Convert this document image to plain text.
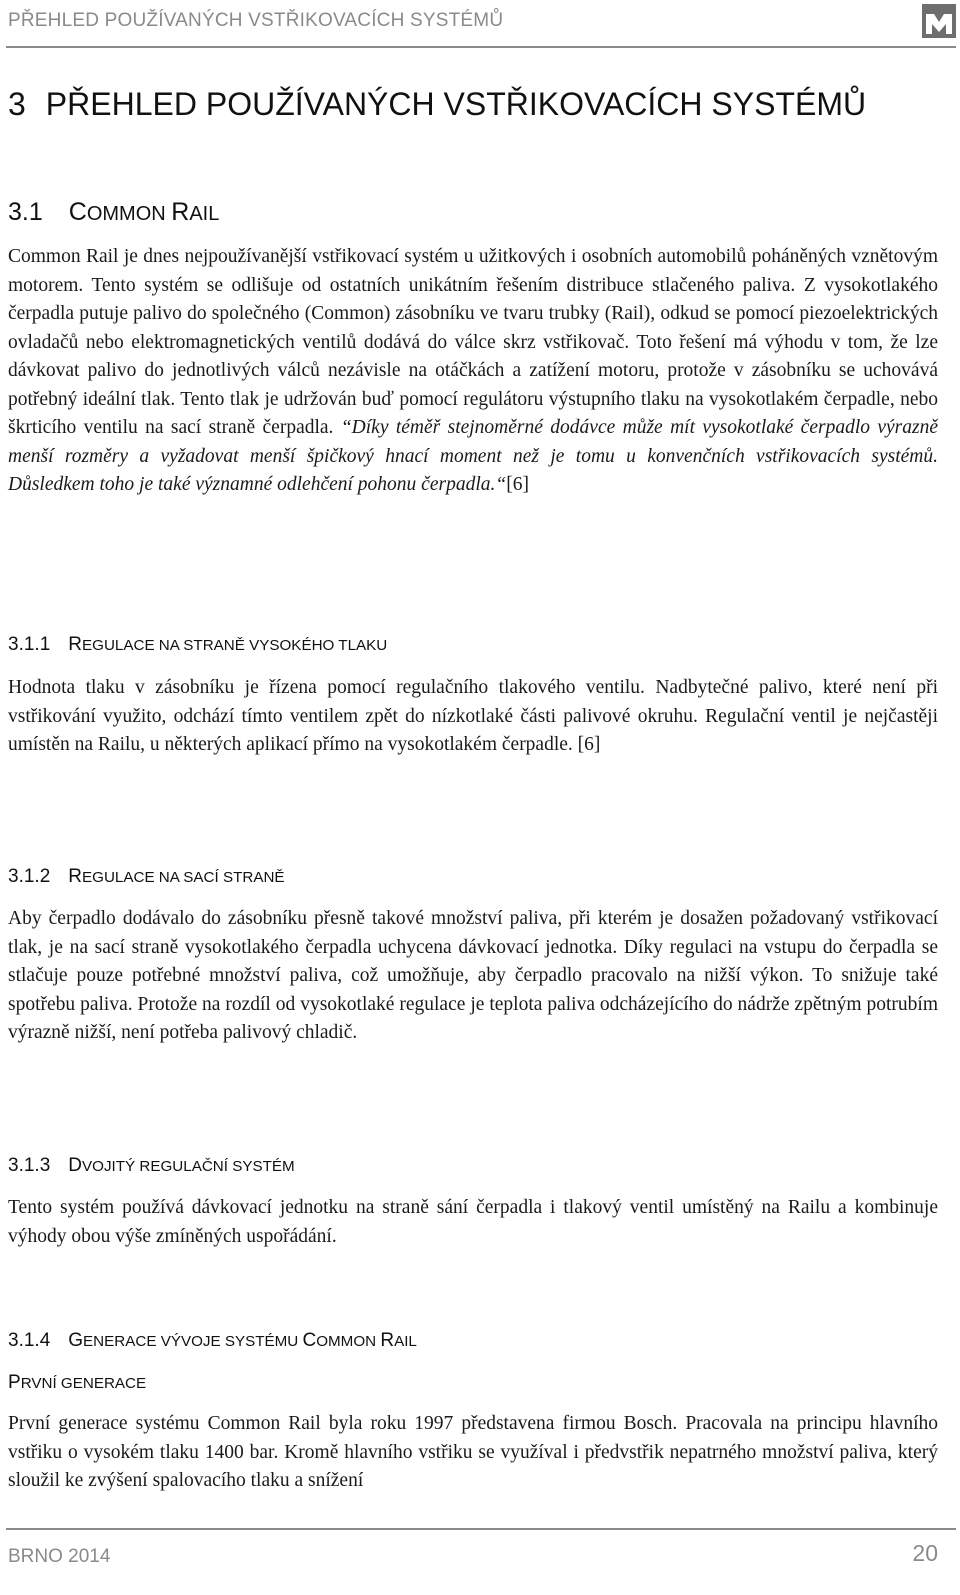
PŘEHLED POUŽÍVANÝCH VSTŘIKOVACÍCH SYSTÉMŮ
3 PŘEHLED POUŽÍVANÝCH VSTŘIKOVACÍCH SYSTÉMŮ
3.1 COMMON RAIL

Common Rail je dnes nejpoužívanější vstřikovací systém u užitkových i osobních automobilů poháněných vznětovým motorem. Tento systém se odlišuje od ostatních unikátním řešením distribuce stlačeného paliva. Z vysokotlakého čerpadla putuje palivo do společného (Common) zásobníku ve tvaru trubky (Rail), odkud se pomocí piezoelektrických ovladačů nebo elektromagnetických ventilů dodává do válce skrz vstřikovač. Toto řešení má výhodu v tom, že lze dávkovat palivo do jednotlivých válců nezávisle na otáčkách a zatížení motoru, protože v zásobníku se uchovává potřebný ideální tlak. Tento tlak je udržován buď pomocí regulátoru výstupního tlaku na vysokotlakém čerpadle, nebo škrticího ventilu na sací straně čerpadla. “Díky téměř stejnoměrné dodávce může mít vysokotlaké čerpadlo výrazně menší rozměry a vyžadovat menší špičkový hnací moment než je tomu u konvenčních vstřikovacích systémů. Důsledkem toho je také významné odlehčení pohonu čerpadla.“[6]

3.1.1 REGULACE NA STRANĚ VYSOKÉHO TLAKU

Hodnota tlaku v zásobníku je řízena pomocí regulačního tlakového ventilu. Nadbytečné palivo, které není při vstřikování využito, odchází tímto ventilem zpět do nízkotlaké části palivové okruhu. Regulační ventil je nejčastěji umístěn na Railu, u některých aplikací přímo na vysokotlakém čerpadle. [6]

3.1.2 REGULACE NA SACÍ STRANĚ

Aby čerpadlo dodávalo do zásobníku přesně takové množství paliva, při kterém je dosažen požadovaný vstřikovací tlak, je na sací straně vysokotlakého čerpadla uchycena dávkovací jednotka. Díky regulaci na vstupu do čerpadla se stlačuje pouze potřebné množství paliva, což umožňuje, aby čerpadlo pracovalo na nižší výkon. To snižuje také spotřebu paliva. Protože na rozdíl od vysokotlaké regulace je teplota paliva odcházejícího do nádrže zpětným potrubím výrazně nižší, není potřeba palivový chladič.

3.1.3 DVOJITÝ REGULAČNÍ SYSTÉM

Tento systém používá dávkovací jednotku na straně sání čerpadla i tlakový ventil umístěný na Railu a kombinuje výhody obou výše zmíněných uspořádání.

3.1.4 GENERACE VÝVOJE SYSTÉMU COMMON RAIL
PRVNÍ GENERACE

První generace systému Common Rail byla roku 1997 představena firmou Bosch. Pracovala na principu hlavního vstřiku o vysokém tlaku 1400 bar. Kromě hlavního vstřiku se využíval i předvstřik nepatrného množství paliva, který sloužil ke zvýšení spalovacího tlaku a snížení

BRNO 2014	20
